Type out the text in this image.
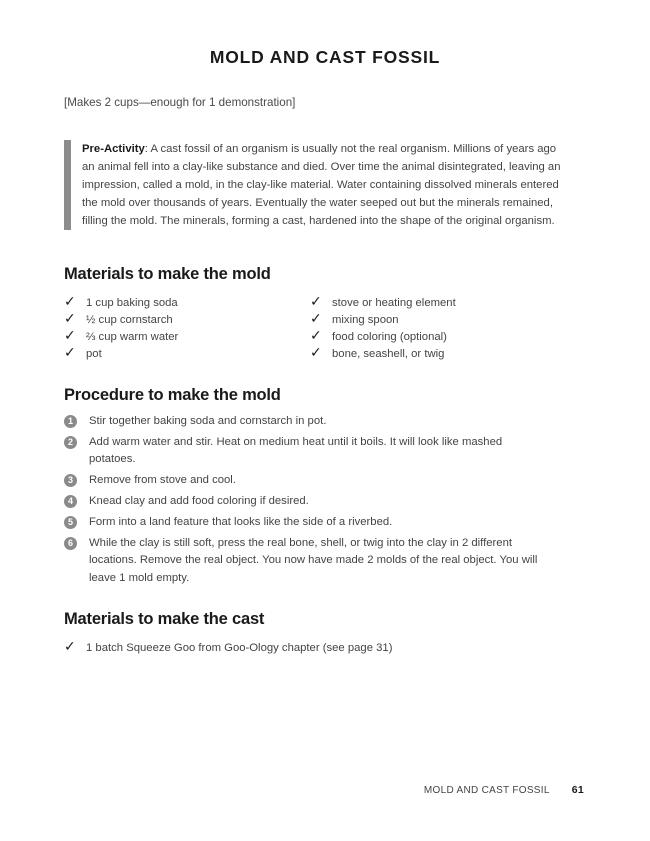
MOLD AND CAST FOSSIL
[Makes 2 cups—enough for 1 demonstration]
Pre-Activity: A cast fossil of an organism is usually not the real organism. Millions of years ago an animal fell into a clay-like substance and died. Over time the animal disintegrated, leaving an impression, called a mold, in the clay-like material. Water containing dissolved minerals entered the mold over thousands of years. Eventually the water seeped out but the minerals remained, filling the mold. The minerals, forming a cast, hardened into the shape of the original organism.
Materials to make the mold
✓ 1 cup baking soda
✓ ½ cup cornstarch
✓ ⅔ cup warm water
✓ pot
✓ stove or heating element
✓ mixing spoon
✓ food coloring (optional)
✓ bone, seashell, or twig
Procedure to make the mold
1	Stir together baking soda and cornstarch in pot.
2	Add warm water and stir. Heat on medium heat until it boils. It will look like mashed potatoes.
3	Remove from stove and cool.
4	Knead clay and add food coloring if desired.
5	Form into a land feature that looks like the side of a riverbed.
6	While the clay is still soft, press the real bone, shell, or twig into the clay in 2 different locations. Remove the real object. You now have made 2 molds of the real object. You will leave 1 mold empty.
Materials to make the cast
✓ 1 batch Squeeze Goo from Goo-Ology chapter (see page 31)
MOLD AND CAST FOSSIL 61
